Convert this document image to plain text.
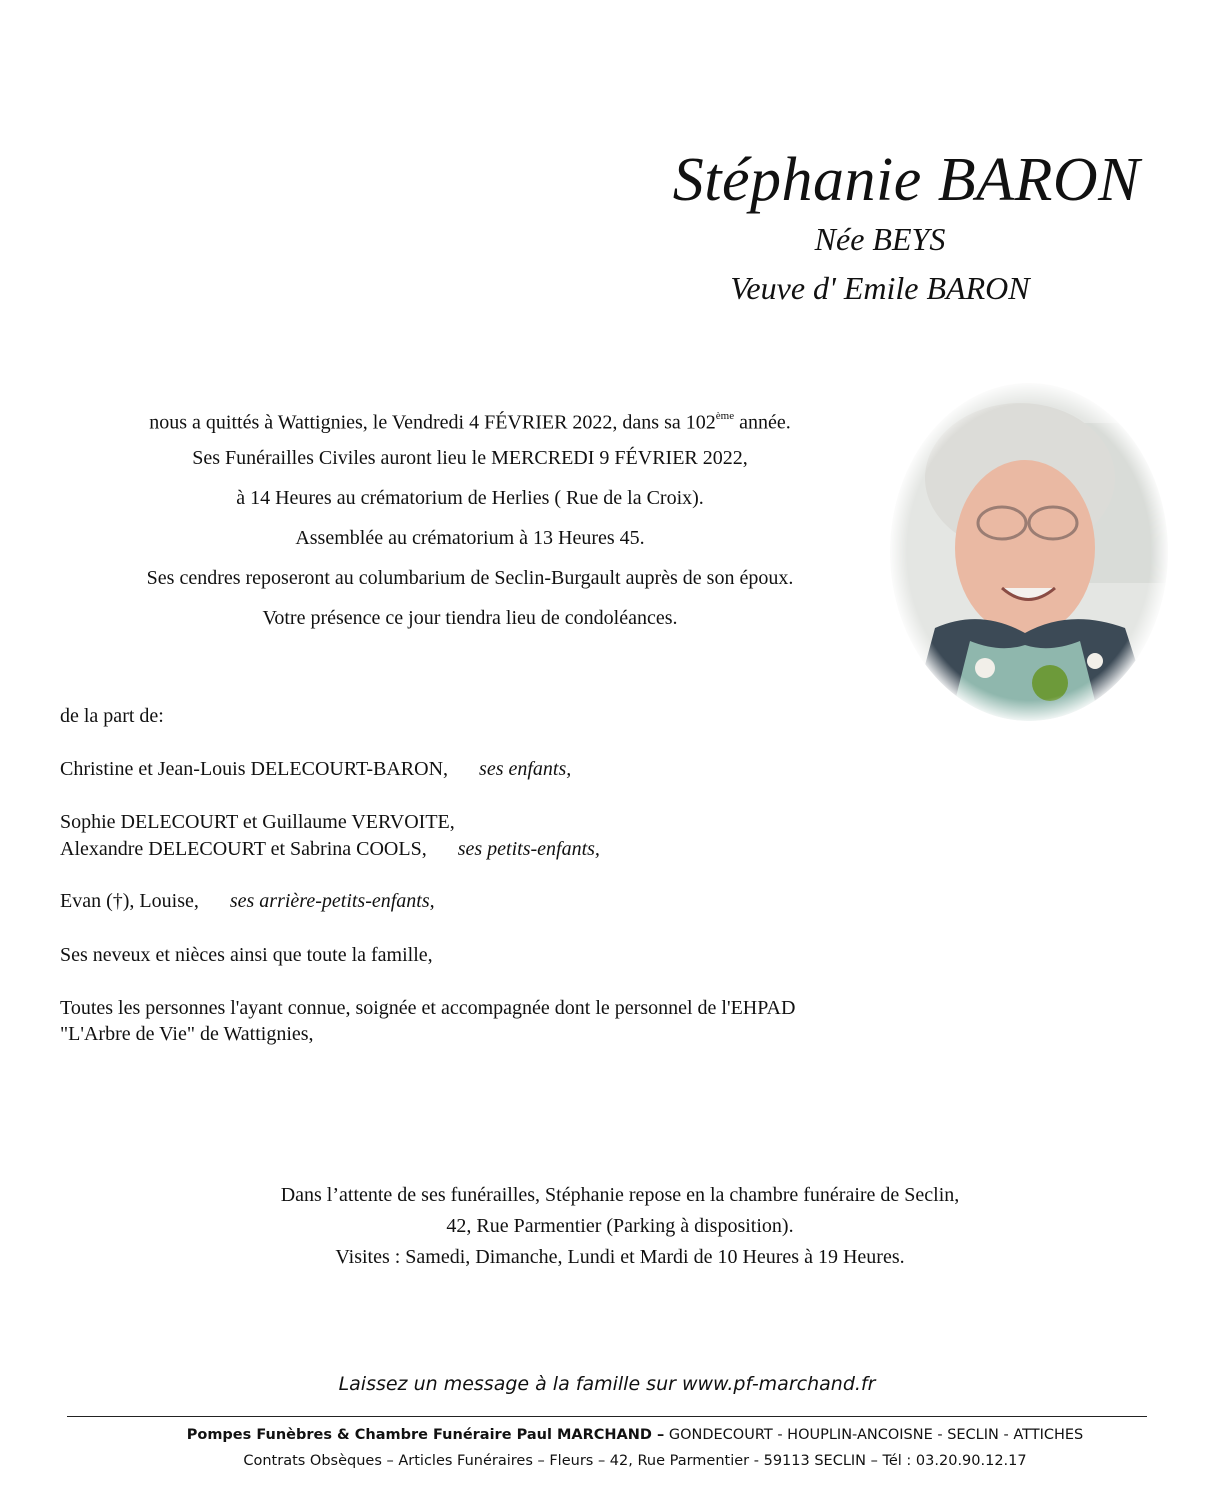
Stéphanie BARON
Née BEYS
Veuve d' Emile BARON
nous a quittés à Wattignies, le Vendredi 4 FÉVRIER 2022, dans sa 102ème année.
Ses Funérailles Civiles auront lieu le MERCREDI 9 FÉVRIER 2022,
à 14 Heures au crématorium de Herlies ( Rue de la Croix).
Assemblée au crématorium à 13 Heures 45.
Ses cendres reposeront au columbarium de Seclin-Burgault auprès de son époux.
Votre présence ce jour tiendra lieu de condoléances.
de la part de:
Christine et Jean-Louis DELECOURT-BARON, ses enfants,
Sophie DELECOURT et Guillaume VERVOITE,
Alexandre DELECOURT et Sabrina COOLS, ses petits-enfants,
Evan (†), Louise, ses arrière-petits-enfants,
Ses neveux et nièces ainsi que toute la famille,
Toutes les personnes l'ayant connue, soignée et accompagnée dont le personnel de l'EHPAD
"L'Arbre de Vie" de Wattignies,
Dans l’attente de ses funérailles, Stéphanie repose en la chambre funéraire de Seclin,
42, Rue Parmentier (Parking à disposition).
Visites : Samedi, Dimanche, Lundi et Mardi de 10 Heures à 19 Heures.
Laissez un message à la famille sur www.pf-marchand.fr
Pompes Funèbres & Chambre Funéraire Paul MARCHAND – GONDECOURT - HOUPLIN-ANCOISNE - SECLIN - ATTICHES
Contrats Obsèques – Articles Funéraires – Fleurs – 42, Rue Parmentier - 59113 SECLIN – Tél : 03.20.90.12.17
